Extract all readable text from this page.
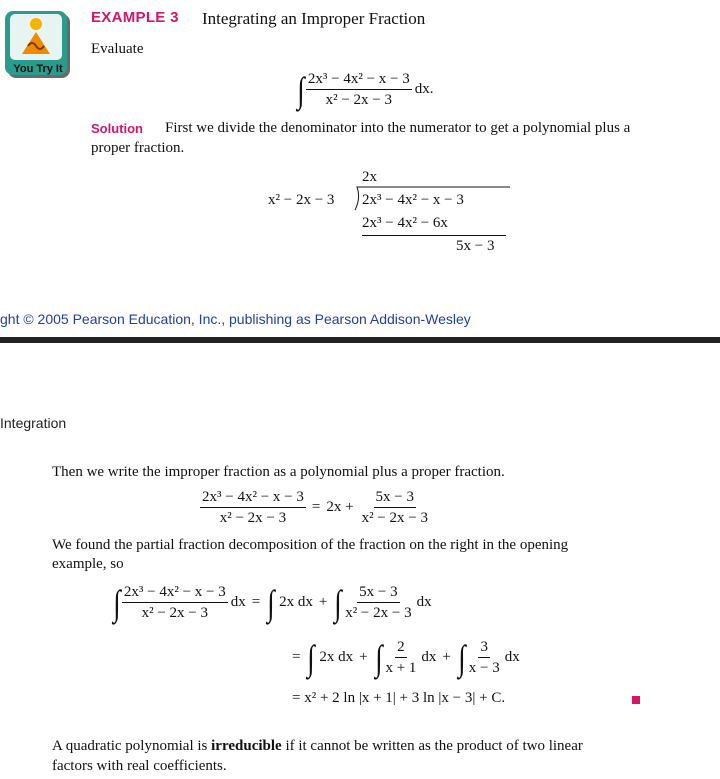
You Try It
EXAMPLE 3 Integrating an Improper Fraction
Evaluate
∫ $\frac{\text{2x³ − 4x² − x − 3}}{\text{x² − 2x − 3}}$ dx.
Solution First we divide the denominator into the numerator to get a polynomial plus a
proper fraction.
2x
x² − 2x − 3 2x³ − 4x² − x − 3
2x³ − 4x² − 6x
5x − 3
ght © 2005 Pearson Education, Inc., publishing as Pearson Addison-Wesley
Integration
Then we write the improper fraction as a polynomial plus a proper fraction.
$\frac{\text{2x³ − 4x² − x − 3}}{\text{x² − 2x − 3}} = 2x + \frac{5x - 3}{\text{x² − 2x − 3}}$
We found the partial fraction decomposition of the fraction on the right in the opening
example, so
∫ $\frac{\text{2x³ − 4x² − x − 3}}{\text{x² − 2x − 3}}$ dx = ∫ 2x dx + ∫ $\frac{5x - 3}{\text{x² − 2x − 3}}$ dx
= ∫ 2x dx + ∫ $\frac{2}{x + 1}$ dx + ∫ $\frac{3}{x - 3}$ dx
= x² + 2 ln |x + 1| + 3 ln |x − 3| + C.
A quadratic polynomial is irreducible if it cannot be written as the product of two linear
factors with real coefficients.
